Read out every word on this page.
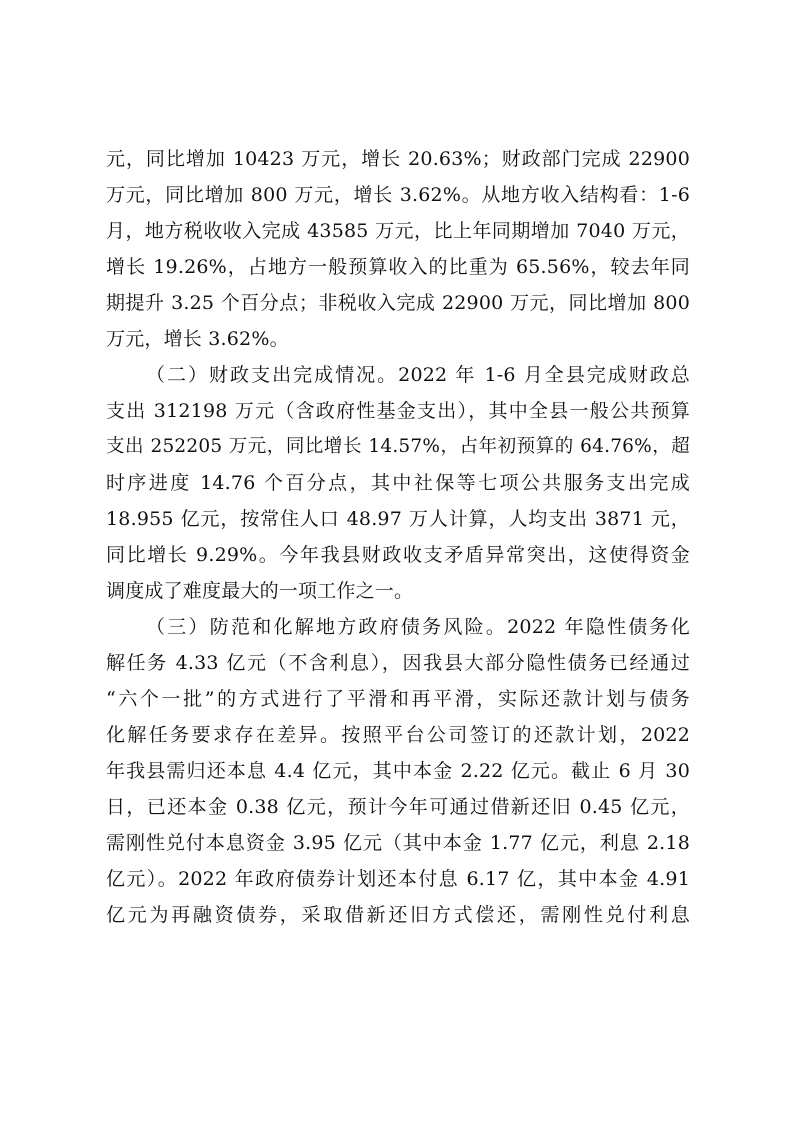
元，同比增加 10423 万元，增长 20.63%；财政部门完成 22900
万元，同比增加 800 万元，增长 3.62%。从地方收入结构看：1-6
月，地方税收收入完成 43585 万元，比上年同期增加 7040 万元，
增长 19.26%，占地方一般预算收入的比重为 65.56%，较去年同
期提升 3.25 个百分点；非税收入完成 22900 万元，同比增加 800
万元，增长 3.62%。
（二）财政支出完成情况。2022 年 1-6 月全县完成财政总
支出 312198 万元（含政府性基金支出），其中全县一般公共预算
支出 252205 万元，同比增长 14.57%，占年初预算的 64.76%，超
时序进度 14.76 个百分点，其中社保等七项公共服务支出完成
18.955 亿元，按常住人口 48.97 万人计算，人均支出 3871 元，
同比增长 9.29%。今年我县财政收支矛盾异常突出，这使得资金
调度成了难度最大的一项工作之一。
（三）防范和化解地方政府债务风险。2022 年隐性债务化
解任务 4.33 亿元（不含利息），因我县大部分隐性债务已经通过
“六个一批”的方式进行了平滑和再平滑，实际还款计划与债务
化解任务要求存在差异。按照平台公司签订的还款计划，2022
年我县需归还本息 4.4 亿元，其中本金 2.22 亿元。截止 6 月 30
日，已还本金 0.38 亿元，预计今年可通过借新还旧 0.45 亿元，
需刚性兑付本息资金 3.95 亿元（其中本金 1.77 亿元，利息 2.18
亿元）。2022 年政府债券计划还本付息 6.17 亿，其中本金 4.91
亿元为再融资债券，采取借新还旧方式偿还，需刚性兑付利息
